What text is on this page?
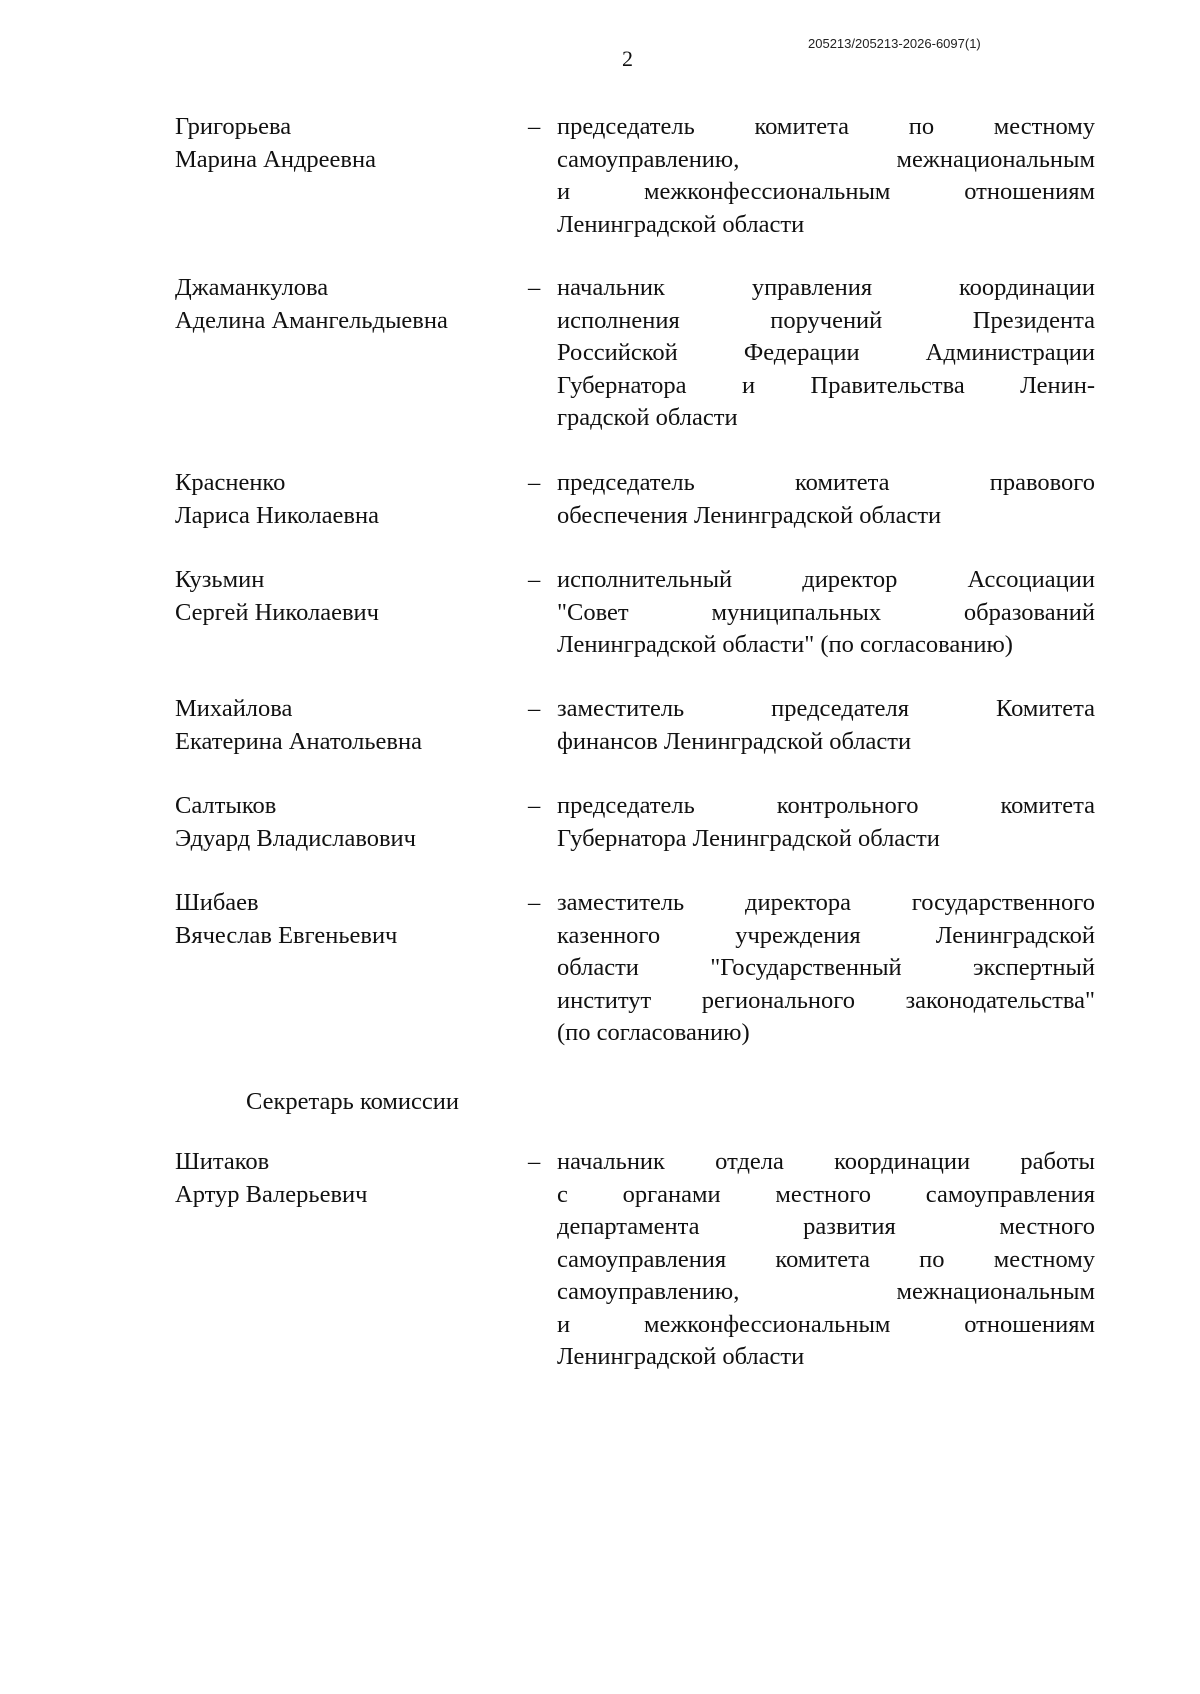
205213/205213-2026-6097(1)
2
Григорьева
Марина Андреевна
– председатель комитета по местному
самоуправлению, межнациональным
и межконфессиональным отношениям
Ленинградской области
Джаманкулова
Аделина Амангельдыевна
– начальник управления координации
исполнения поручений Президента
Российской Федерации Администрации
Губернатора и Правительства Ленин-
градской области
Красненко
Лариса Николаевна
– председатель комитета правового
обеспечения Ленинградской области
Кузьмин
Сергей Николаевич
– исполнительный директор Ассоциации
"Совет муниципальных образований
Ленинградской области" (по согласованию)
Михайлова
Екатерина Анатольевна
– заместитель председателя Комитета
финансов Ленинградской области
Салтыков
Эдуард Владиславович
– председатель контрольного комитета
Губернатора Ленинградской области
Шибаев
Вячеслав Евгеньевич
– заместитель директора государственного
казенного учреждения Ленинградской
области "Государственный экспертный
институт регионального законодательства"
(по согласованию)
Секретарь комиссии
Шитаков
Артур Валерьевич
– начальник отдела координации работы
с органами местного самоуправления
департамента развития местного
самоуправления комитета по местному
самоуправлению, межнациональным
и межконфессиональным отношениям
Ленинградской области
